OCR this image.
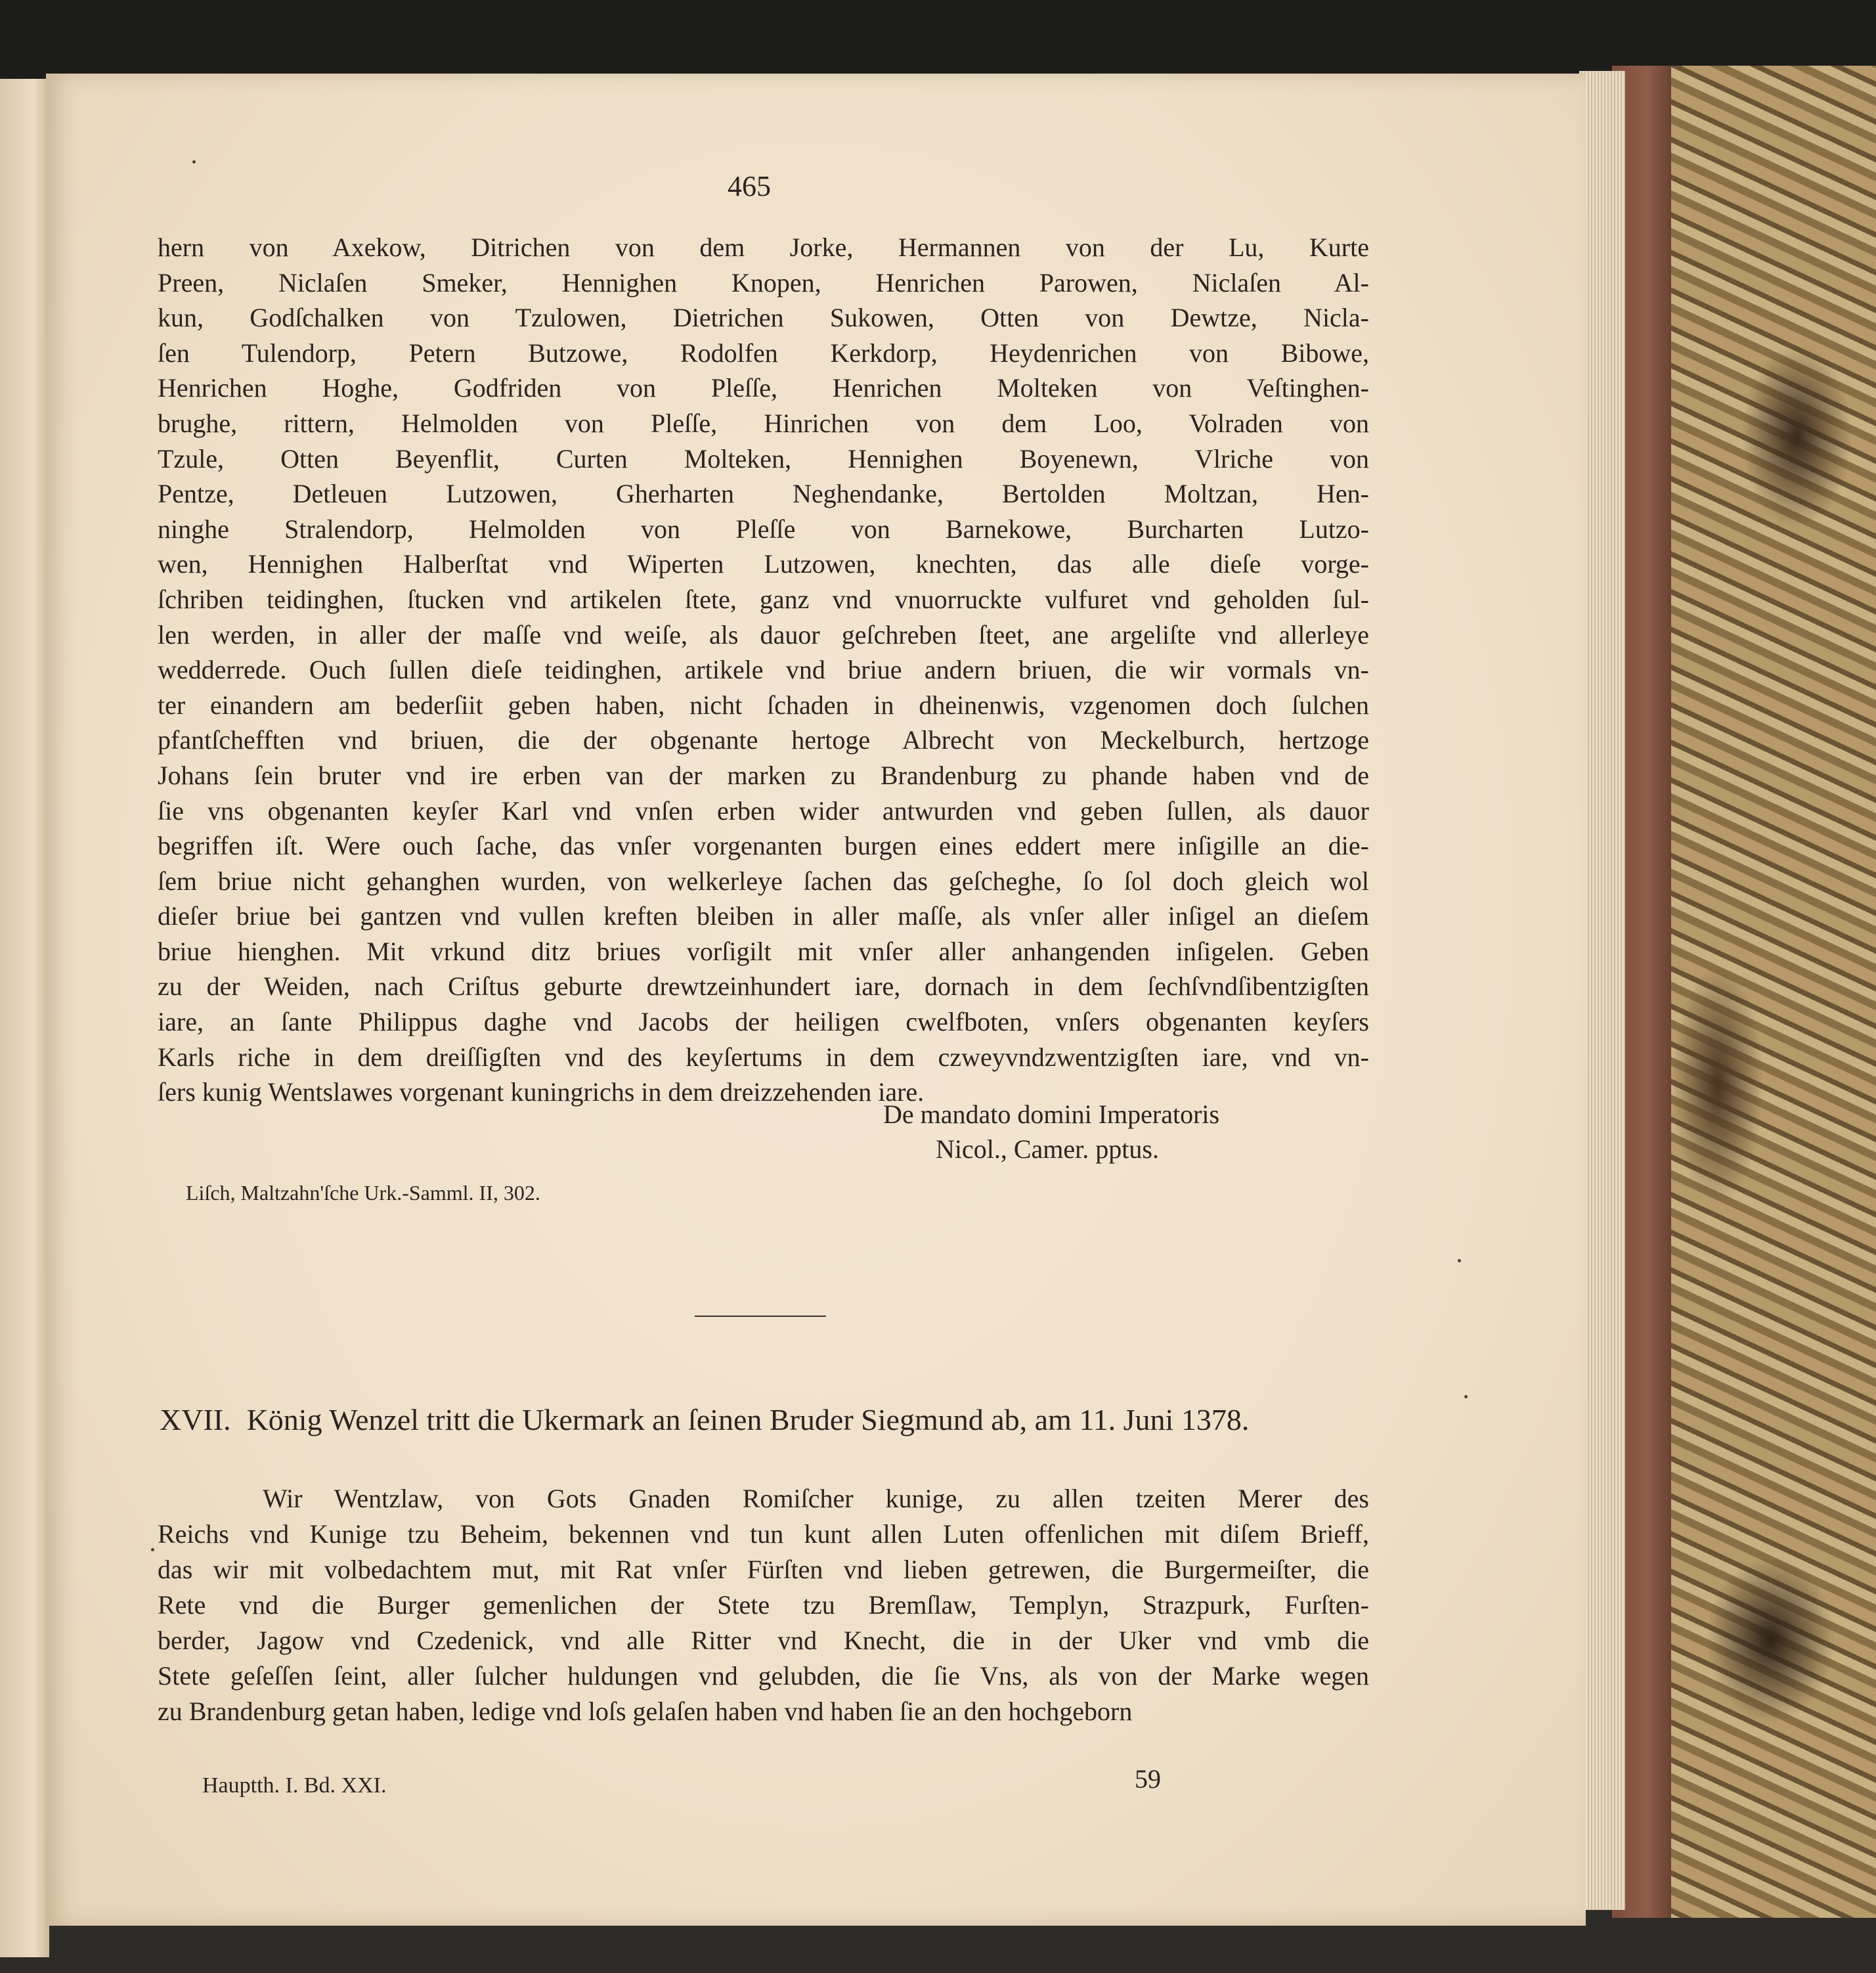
465
hern von Axekow, Ditrichen von dem Jorke, Hermannen von der Lu, Kurte
Preen, Niclaſen Smeker, Hennighen Knopen, Henrichen Parowen, Niclaſen Al-
kun, Godſchalken von Tzulowen, Dietrichen Sukowen, Otten von Dewtze, Nicla-
ſen Tulendorp, Petern Butzowe, Rodolfen Kerkdorp, Heydenrichen von Bibowe,
Henrichen Hoghe, Godfriden von Pleſſe, Henrichen Molteken von Veſtinghen-
brughe, rittern, Helmolden von Pleſſe, Hinrichen von dem Loo, Volraden von
Tzule, Otten Beyenflit, Curten Molteken, Hennighen Boyenewn, Vlriche von
Pentze, Detleuen Lutzowen, Gherharten Neghendanke, Bertolden Moltzan, Hen-
ninghe Stralendorp, Helmolden von Pleſſe von Barnekowe, Burcharten Lutzo-
wen, Hennighen Halberſtat vnd Wiperten Lutzowen, knechten, das alle dieſe vorge-
ſchriben teidinghen, ſtucken vnd artikelen ſtete, ganz vnd vnuorruckte vulfuret vnd geholden ſul-
len werden, in aller der maſſe vnd weiſe, als dauor geſchreben ſteet, ane argeliſte vnd allerleye
wedderrede. Ouch ſullen dieſe teidinghen, artikele vnd briue andern briuen, die wir vormals vn-
ter einandern am bederſiit geben haben, nicht ſchaden in dheinenwis, vzgenomen doch ſulchen
pfantſchefften vnd briuen, die der obgenante hertoge Albrecht von Meckelburch, hertzoge
Johans ſein bruter vnd ire erben van der marken zu Brandenburg zu phande haben vnd de
ſie vns obgenanten keyſer Karl vnd vnſen erben wider antwurden vnd geben ſullen, als dauor
begriffen iſt. Were ouch ſache, das vnſer vorgenanten burgen eines eddert mere inſigille an die-
ſem briue nicht gehanghen wurden, von welkerleye ſachen das geſcheghe, ſo ſol doch gleich wol
dieſer briue bei gantzen vnd vullen kreften bleiben in aller maſſe, als vnſer aller inſigel an dieſem
briue hienghen. Mit vrkund ditz briues vorſigilt mit vnſer aller anhangenden inſigelen. Geben
zu der Weiden, nach Criſtus geburte drewtzeinhundert iare, dornach in dem ſechſvndſibentzigſten
iare, an ſante Philippus daghe vnd Jacobs der heiligen cwelfboten, vnſers obgenanten keyſers
Karls riche in dem dreiſſigſten vnd des keyſertums in dem czweyvndzwentzigſten iare, vnd vn-
ſers kunig Wentslawes vorgenant kuningrichs in dem dreizzehenden iare.
De mandato domini Imperatoris
Nicol., Camer. pptus.
Liſch, Maltzahn'ſche Urk.-Samml. II, 302.
XVII. König Wenzel tritt die Ukermark an ſeinen Bruder Siegmund ab, am 11. Juni 1378.
Wir Wentzlaw, von Gots Gnaden Romiſcher kunige, zu allen tzeiten Merer des
Reichs vnd Kunige tzu Beheim, bekennen vnd tun kunt allen Luten offenlichen mit diſem Brieff,
das wir mit volbedachtem mut, mit Rat vnſer Fürſten vnd lieben getrewen, die Burgermeiſter, die
Rete vnd die Burger gemenlichen der Stete tzu Bremſlaw, Templyn, Strazpurk, Furſten-
berder, Jagow vnd Czedenick, vnd alle Ritter vnd Knecht, die in der Uker vnd vmb die
Stete geſeſſen ſeint, aller ſulcher huldungen vnd gelubden, die ſie Vns, als von der Marke wegen
zu Brandenburg getan haben, ledige vnd loſs gelaſen haben vnd haben ſie an den hochgeborn
Hauptth. I. Bd. XXI.	59
